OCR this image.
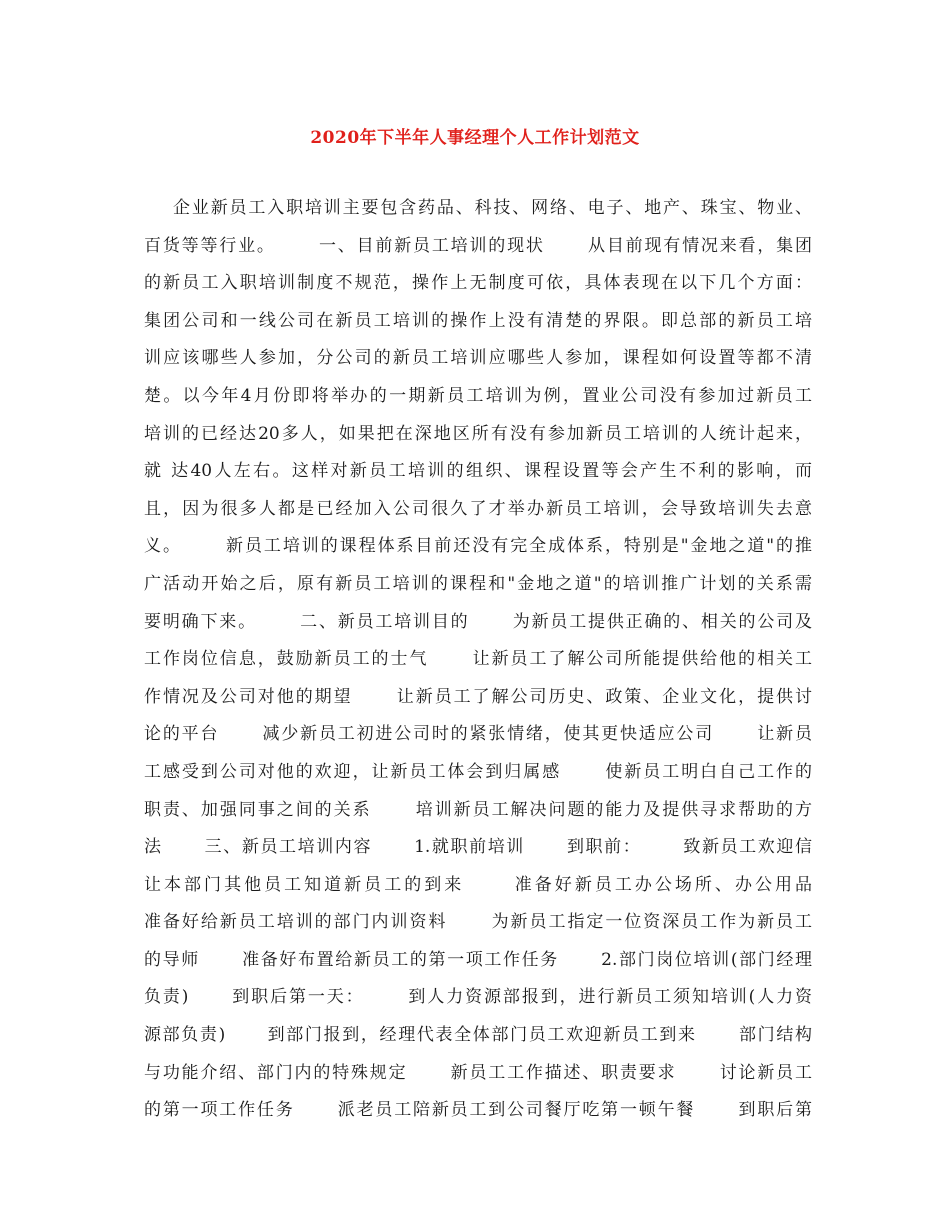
2020年下半年人事经理个人工作计划范文
企业新员工入职培训主要包含药品、科技、网络、电子、地产、珠宝、物业、
百货等等行业。      一、目前新员工培训的现状      从目前现有情况来看，集团
的新员工入职培训制度不规范，操作上无制度可依，具体表现在以下几个方面：
集团公司和一线公司在新员工培训的操作上没有清楚的界限。即总部的新员工培
训应该哪些人参加，分公司的新员工培训应哪些人参加，课程如何设置等都不清
楚。以今年4月份即将举办的一期新员工培训为例，置业公司没有参加过新员工
培训的已经达20多人，如果把在深地区所有没有参加新员工培训的人统计起来，
就 达40人左右。这样对新员工培训的组织、课程设置等会产生不利的影响，而
且，因为很多人都是已经加入公司很久了才举办新员工培训，会导致培训失去意
义。      新员工培训的课程体系目前还没有完全成体系，特别是"金地之道"的推
广活动开始之后，原有新员工培训的课程和"金地之道"的培训推广计划的关系需
要明确下来。      二、新员工培训目的      为新员工提供正确的、相关的公司及
工作岗位信息，鼓励新员工的士气      让新员工了解公司所能提供给他的相关工
作情况及公司对他的期望      让新员工了解公司历史、政策、企业文化，提供讨
论的平台      减少新员工初进公司时的紧张情绪，使其更快适应公司      让新员
工感受到公司对他的欢迎，让新员工体会到归属感      使新员工明白自己工作的
职责、加强同事之间的关系      培训新员工解决问题的能力及提供寻求帮助的方
法      三、新员工培训内容      1.就职前培训      到职前：      致新员工欢迎信
让本部门其他员工知道新员工的到来      准备好新员工办公场所、办公用品
准备好给新员工培训的部门内训资料      为新员工指定一位资深员工作为新员工
的导师      准备好布置给新员工的第一项工作任务      2.部门岗位培训(部门经理
负责)      到职后第一天：      到人力资源部报到，进行新员工须知培训(人力资
源部负责)      到部门报到，经理代表全体部门员工欢迎新员工到来      部门结构
与功能介绍、部门内的特殊规定      新员工工作描述、职责要求      讨论新员工
的第一项工作任务      派老员工陪新员工到公司餐厅吃第一顿午餐      到职后第
